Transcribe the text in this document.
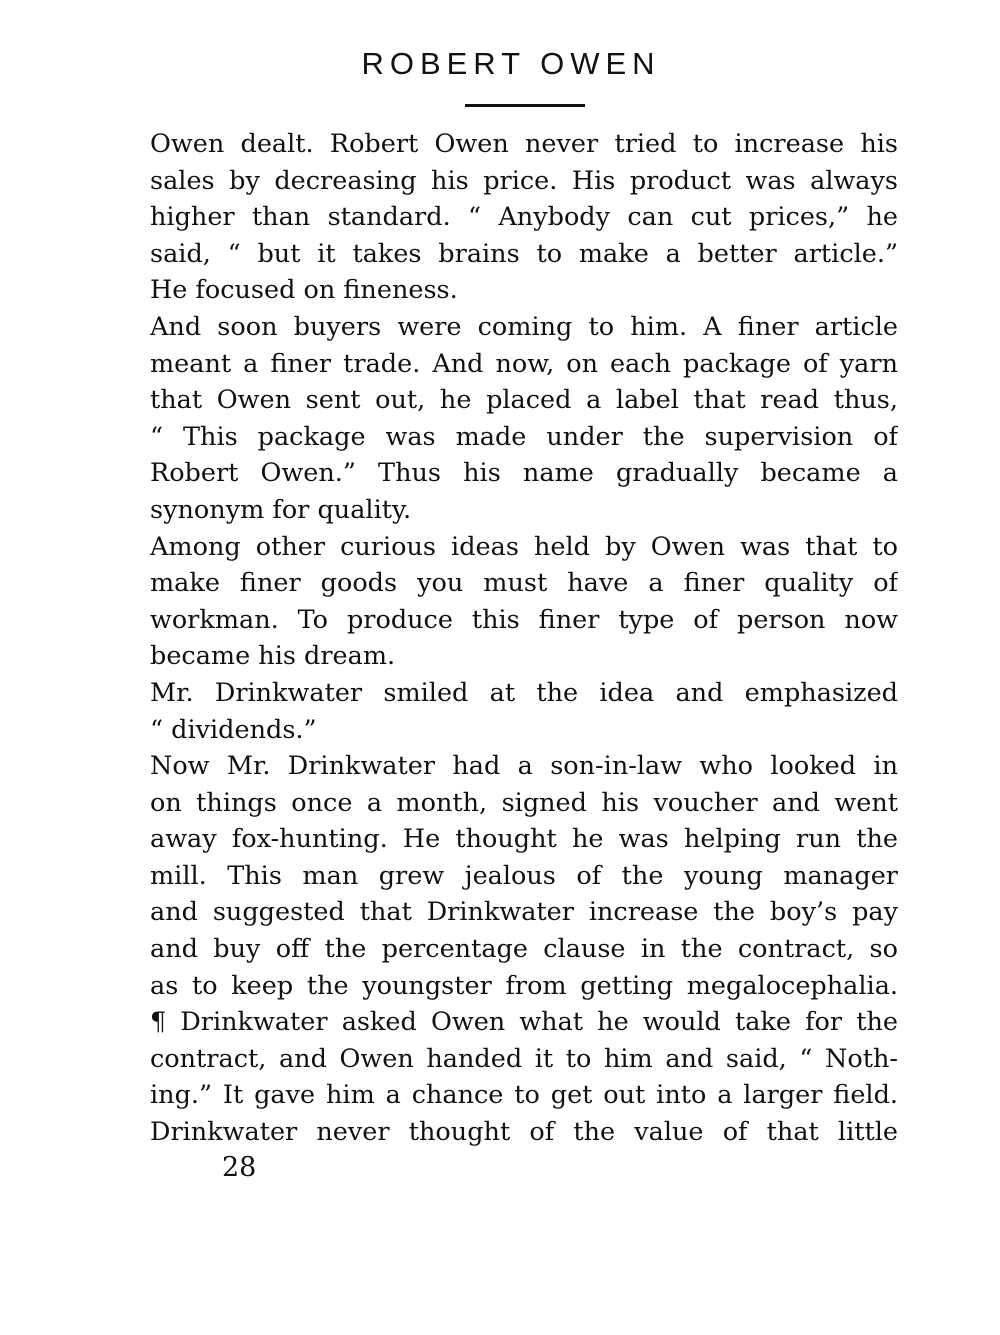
ROBERT OWEN
Owen dealt. Robert Owen never tried to increase his
sales by decreasing his price. His product was always
higher than standard. “ Anybody can cut prices,” he
said, “ but it takes brains to make a better article.”
He focused on fineness.
And soon buyers were coming to him. A finer article
meant a finer trade. And now, on each package of yarn
that Owen sent out, he placed a label that read thus,
“ This package was made under the supervision of
Robert Owen.” Thus his name gradually became a
synonym for quality.
Among other curious ideas held by Owen was that to
make finer goods you must have a finer quality of
workman. To produce this finer type of person now
became his dream.
Mr. Drinkwater smiled at the idea and emphasized
“ dividends.”
Now Mr. Drinkwater had a son-in-law who looked in
on things once a month, signed his voucher and went
away fox-hunting. He thought he was helping run the
mill. This man grew jealous of the young manager
and suggested that Drinkwater increase the boy’s pay
and buy off the percentage clause in the contract, so
as to keep the youngster from getting megalocephalia.
¶ Drinkwater asked Owen what he would take for the
contract, and Owen handed it to him and said, “ Noth-
ing.” It gave him a chance to get out into a larger field.
Drinkwater never thought of the value of that little
28
